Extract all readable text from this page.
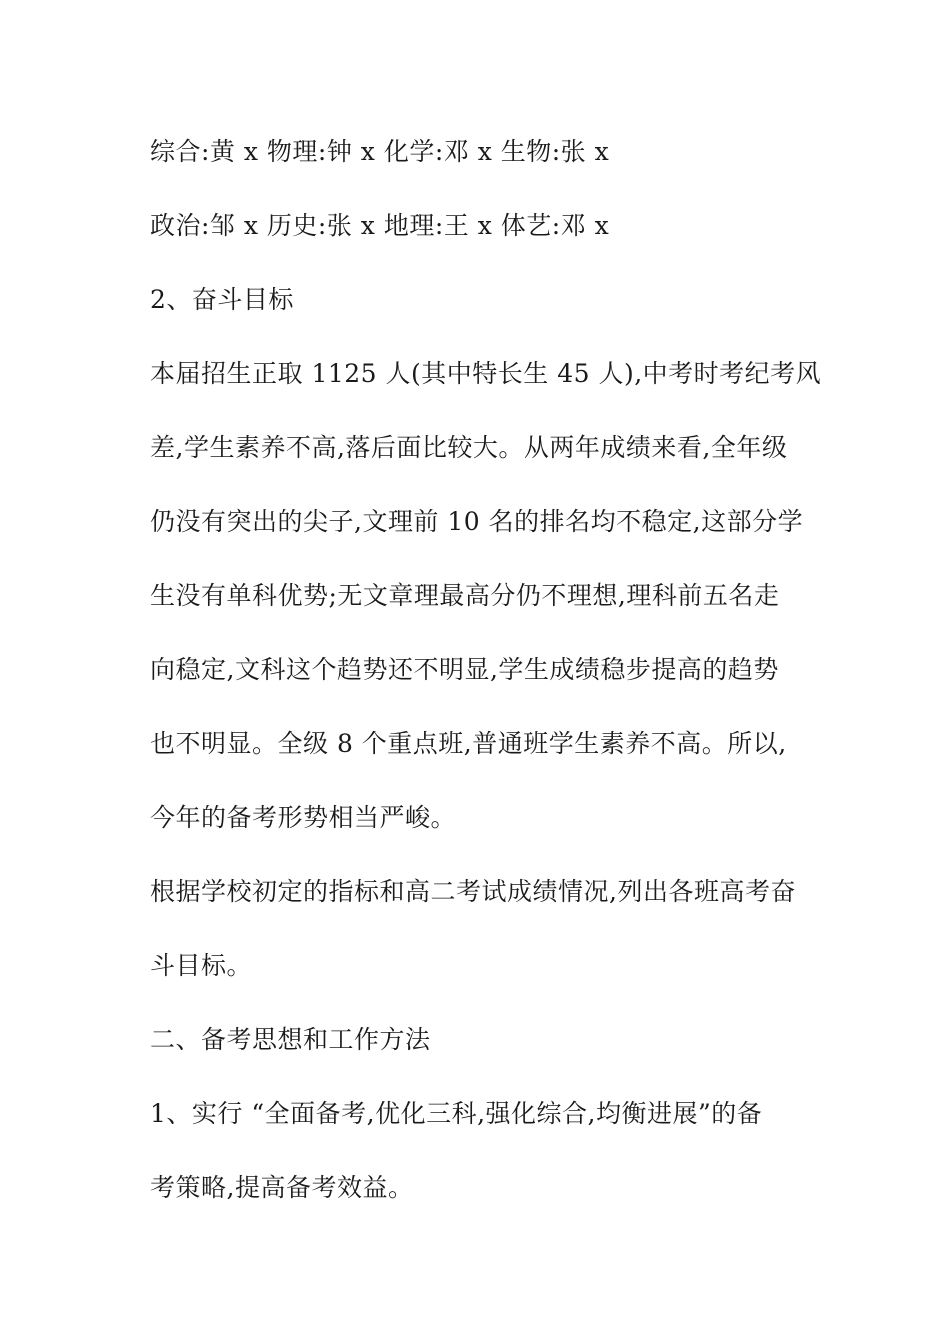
综合:黄 x 物理:钟 x 化学:邓 x 生物:张 x
政治:邹 x 历史:张 x 地理:王 x 体艺:邓 x
2、奋斗目标
本届招生正取 1125 人(其中特长生 45 人),中考时考纪考风
差,学生素养不高,落后面比较大。从两年成绩来看,全年级
仍没有突出的尖子,文理前 10 名的排名均不稳定,这部分学
生没有单科优势;无文章理最高分仍不理想,理科前五名走
向稳定,文科这个趋势还不明显,学生成绩稳步提高的趋势
也不明显。全级 8 个重点班,普通班学生素养不高。所以,
今年的备考形势相当严峻。
根据学校初定的指标和高二考试成绩情况,列出各班高考奋
斗目标。
二、备考思想和工作方法
1、实行 “全面备考,优化三科,强化综合,均衡进展”的备
考策略,提高备考效益。
